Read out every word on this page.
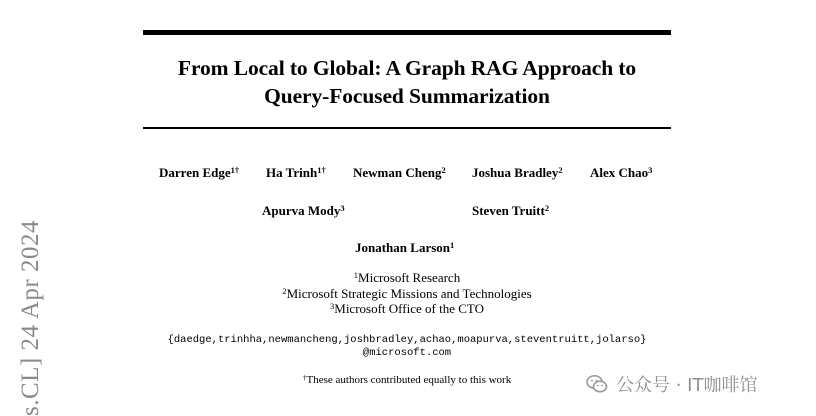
From Local to Global: A Graph RAG Approach to
Query-Focused Summarization
Darren Edge$^{1\dagger}$ Ha Trinh$^{1\dagger}$ Newman Cheng$^2$ Joshua Bradley$^2$ Alex Chao$^3$
Apurva Mody$^3$	Steven Truitt$^2$
Jonathan Larson$^1$
$^1$Microsoft Research
$^2$Microsoft Strategic Missions and Technologies
$^3$Microsoft Office of the CTO
{daedge,trinhha,newmancheng,joshbradley,achao,moapurva,steventruitt,jolarso}
@microsoft.com
†These authors contributed equally to this work
s.CL] 24 Apr 2024	公众号 · IT咖啡馆
